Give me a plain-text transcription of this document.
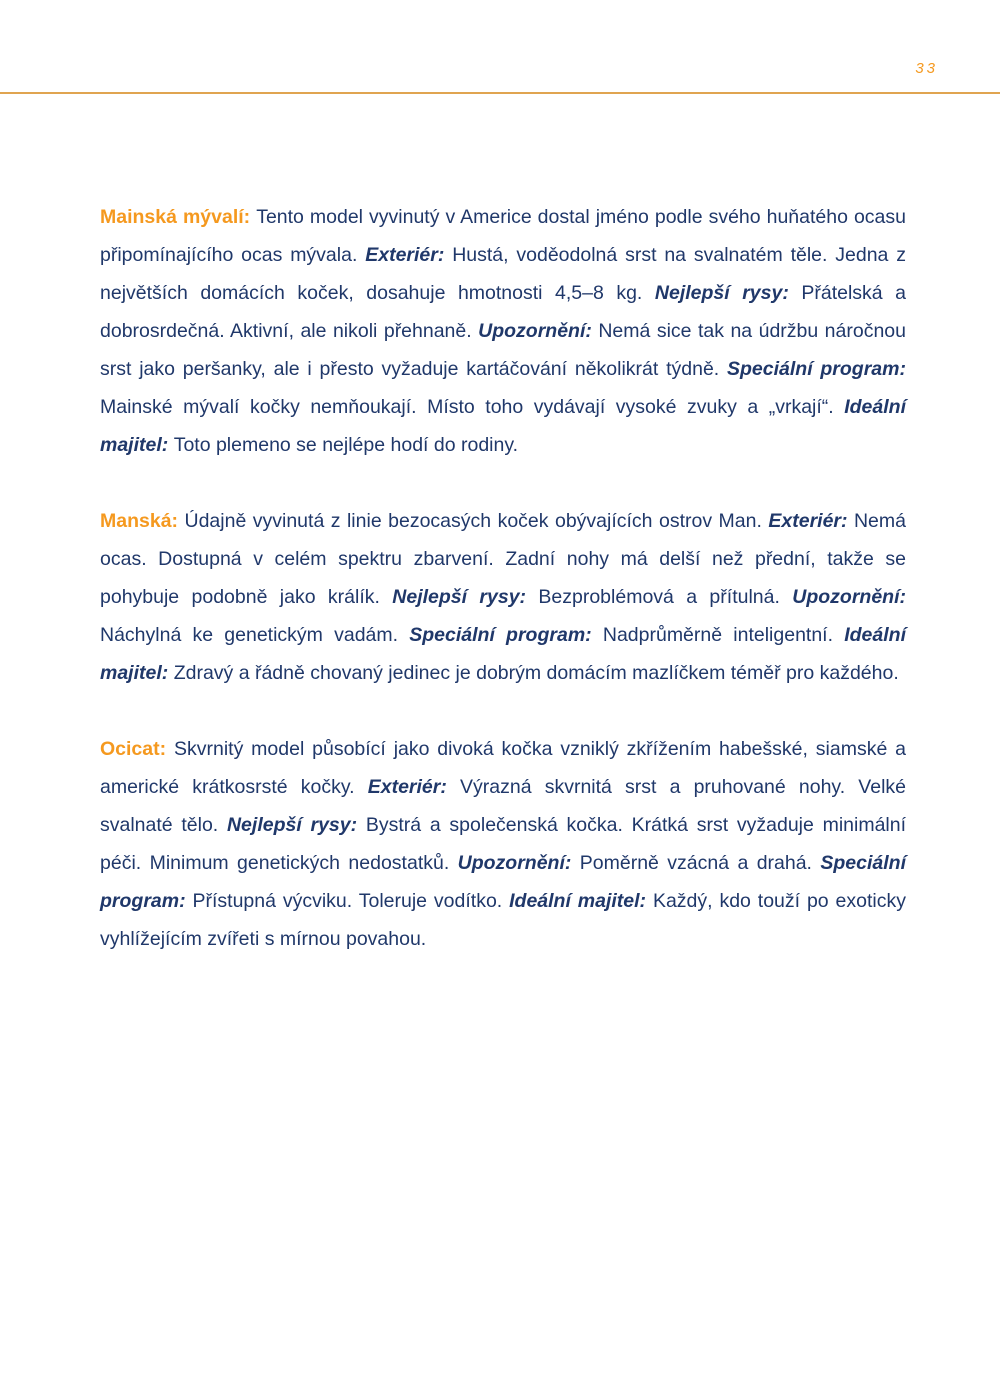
33

Mainská mývalí: Tento model vyvinutý v Americe dostal jméno podle svého huňatého ocasu připomínajícího ocas mývala. Exteriér: Hustá, voděodolná srst na svalnatém těle. Jedna z největších domácích koček, dosahuje hmotnosti 4,5–8 kg. Nejlepší rysy: Přátelská a dobrosrdečná. Aktivní, ale nikoli přehnaně. Upozornění: Nemá sice tak na údržbu náročnou srst jako peršanky, ale i přesto vyžaduje kartáčování několikrát týdně. Speciální program: Mainské mývalí kočky nemňoukají. Místo toho vydávají vysoké zvuky a „vrkají“. Ideální majitel: Toto plemeno se nejlépe hodí do rodiny.

Manská: Údajně vyvinutá z linie bezocasých koček obývajících ostrov Man. Exteriér: Nemá ocas. Dostupná v celém spektru zbarvení. Zadní nohy má delší než přední, takže se pohybuje podobně jako králík. Nejlepší rysy: Bezproblémová a přítulná. Upozornění: Náchylná ke genetickým vadám. Speciální program: Nadprůměrně inteligentní. Ideální majitel: Zdravý a řádně chovaný jedinec je dobrým domácím mazlíčkem téměř pro každého.

Ocicat: Skvrnitý model působící jako divoká kočka vzniklý zkřížením habešské, siamské a americké krátkosrsté kočky. Exteriér: Výrazná skvrnitá srst a pruhované nohy. Velké svalnaté tělo. Nejlepší rysy: Bystrá a společenská kočka. Krátká srst vyžaduje minimální péči. Minimum genetických nedostatků. Upozornění: Poměrně vzácná a drahá. Speciální program: Přístupná výcviku. Toleruje vodítko. Ideální majitel: Každý, kdo touží po exoticky vyhlížejícím zvířeti s mírnou povahou.
